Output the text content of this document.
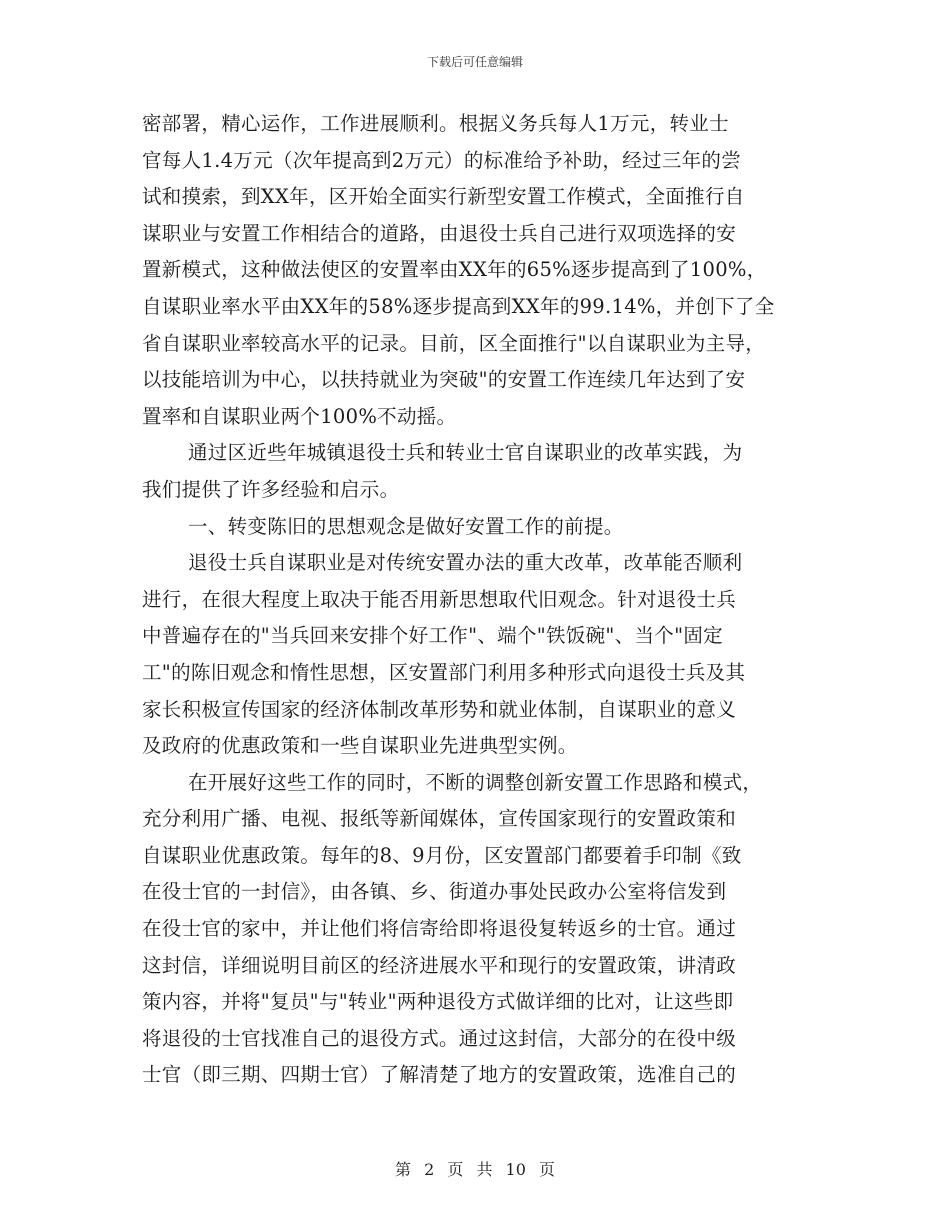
下载后可任意编辑
密部署，精心运作，工作进展顺利。根据义务兵每人1万元，转业士
官每人1.4万元（次年提高到2万元）的标准给予补助，经过三年的尝
试和摸索，到XX年，区开始全面实行新型安置工作模式，全面推行自
谋职业与安置工作相结合的道路，由退役士兵自己进行双项选择的安
置新模式，这种做法使区的安置率由XX年的65%逐步提高到了100%，
自谋职业率水平由XX年的58%逐步提高到XX年的99.14%，并创下了全
省自谋职业率较高水平的记录。目前，区全面推行"以自谋职业为主导，
以技能培训为中心，以扶持就业为突破"的安置工作连续几年达到了安
置率和自谋职业两个100%不动摇。
通过区近些年城镇退役士兵和转业士官自谋职业的改革实践，为
我们提供了许多经验和启示。
一、转变陈旧的思想观念是做好安置工作的前提。
退役士兵自谋职业是对传统安置办法的重大改革，改革能否顺利
进行，在很大程度上取决于能否用新思想取代旧观念。针对退役士兵
中普遍存在的"当兵回来安排个好工作"、端个"铁饭碗"、当个"固定
工"的陈旧观念和惰性思想，区安置部门利用多种形式向退役士兵及其
家长积极宣传国家的经济体制改革形势和就业体制，自谋职业的意义
及政府的优惠政策和一些自谋职业先进典型实例。
在开展好这些工作的同时，不断的调整创新安置工作思路和模式，
充分利用广播、电视、报纸等新闻媒体，宣传国家现行的安置政策和
自谋职业优惠政策。每年的8、9月份，区安置部门都要着手印制《致
在役士官的一封信》，由各镇、乡、街道办事处民政办公室将信发到
在役士官的家中，并让他们将信寄给即将退役复转返乡的士官。通过
这封信，详细说明目前区的经济进展水平和现行的安置政策，讲清政
策内容，并将"复员"与"转业"两种退役方式做详细的比对，让这些即
将退役的士官找准自己的退役方式。通过这封信，大部分的在役中级
士官（即三期、四期士官）了解清楚了地方的安置政策，选准自己的
第 2 页 共 10 页
